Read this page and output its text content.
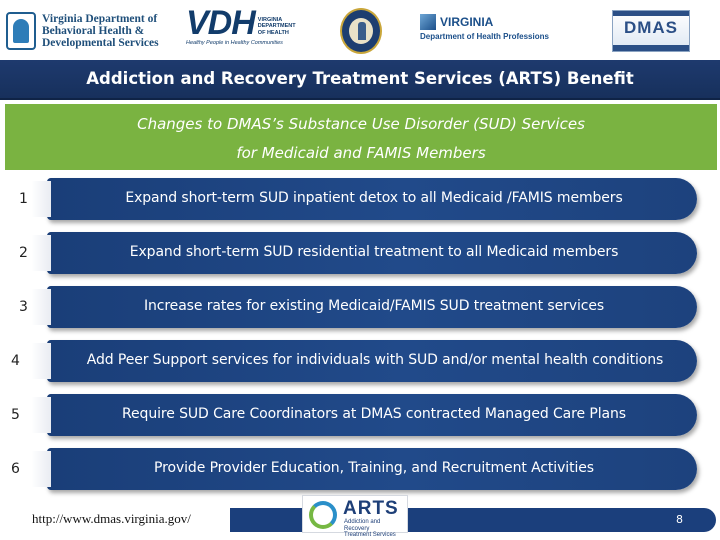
Virginia Department of
Behavioral Health &
Developmental Services
VDH VIRGINIA
DEPARTMENT
OF HEALTH
Healthy People in Healthy Communities
VIRGINIA
Department of Health Professions	DMAS
Addiction and Recovery Treatment Services (ARTS) Benefit
Changes to DMAS’s Substance Use Disorder (SUD) Services
for Medicaid and FAMIS Members
1	Expand short-term SUD inpatient detox to all Medicaid /FAMIS members
2	Expand short-term SUD residential treatment to all Medicaid members
3	Increase rates for existing Medicaid/FAMIS SUD treatment services
4	Add Peer Support services for individuals with SUD and/or mental health conditions
5	Require SUD Care Coordinators at DMAS contracted Managed Care Plans
6	Provide Provider Education, Training, and Recruitment Activities
http://www.dmas.virginia.gov/	ARTS
Addiction and Recovery
Treatment Services
8
